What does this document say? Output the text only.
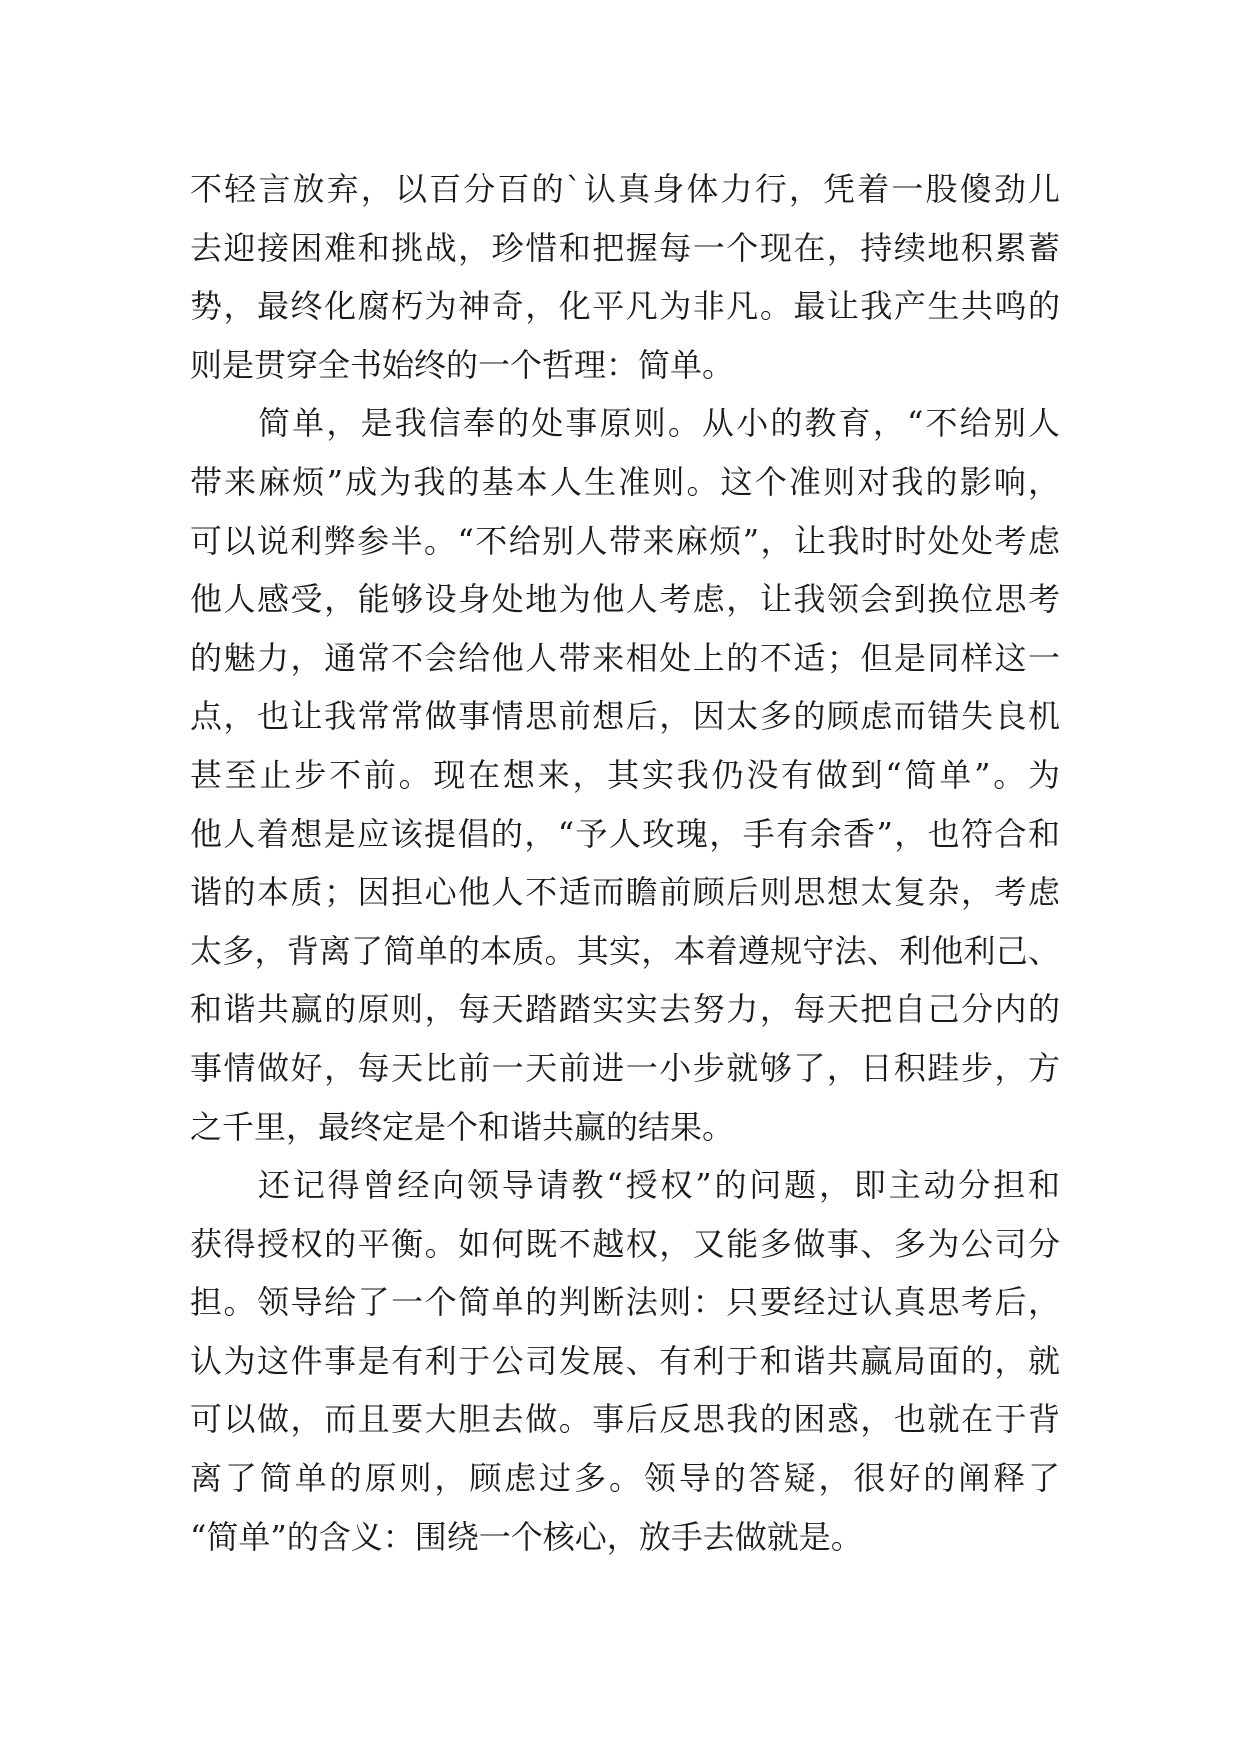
不轻言放弃，以百分百的`认真身体力行，凭着一股傻劲儿
去迎接困难和挑战，珍惜和把握每一个现在，持续地积累蓄
势，最终化腐朽为神奇，化平凡为非凡。最让我产生共鸣的
则是贯穿全书始终的一个哲理：简单。
简单，是我信奉的处事原则。从小的教育，“不给别人
带来麻烦”成为我的基本人生准则。这个准则对我的影响，
可以说利弊参半。“不给别人带来麻烦”，让我时时处处考虑
他人感受，能够设身处地为他人考虑，让我领会到换位思考
的魅力，通常不会给他人带来相处上的不适；但是同样这一
点，也让我常常做事情思前想后，因太多的顾虑而错失良机
甚至止步不前。现在想来，其实我仍没有做到“简单”。为
他人着想是应该提倡的，“予人玫瑰，手有余香”，也符合和
谐的本质；因担心他人不适而瞻前顾后则思想太复杂，考虑
太多，背离了简单的本质。其实，本着遵规守法、利他利己、
和谐共赢的原则，每天踏踏实实去努力，每天把自己分内的
事情做好，每天比前一天前进一小步就够了，日积跬步，方
之千里，最终定是个和谐共赢的结果。
还记得曾经向领导请教“授权”的问题，即主动分担和
获得授权的平衡。如何既不越权，又能多做事、多为公司分
担。领导给了一个简单的判断法则：只要经过认真思考后，
认为这件事是有利于公司发展、有利于和谐共赢局面的，就
可以做，而且要大胆去做。事后反思我的困惑，也就在于背
离了简单的原则，顾虑过多。领导的答疑，很好的阐释了
“简单”的含义：围绕一个核心，放手去做就是。
